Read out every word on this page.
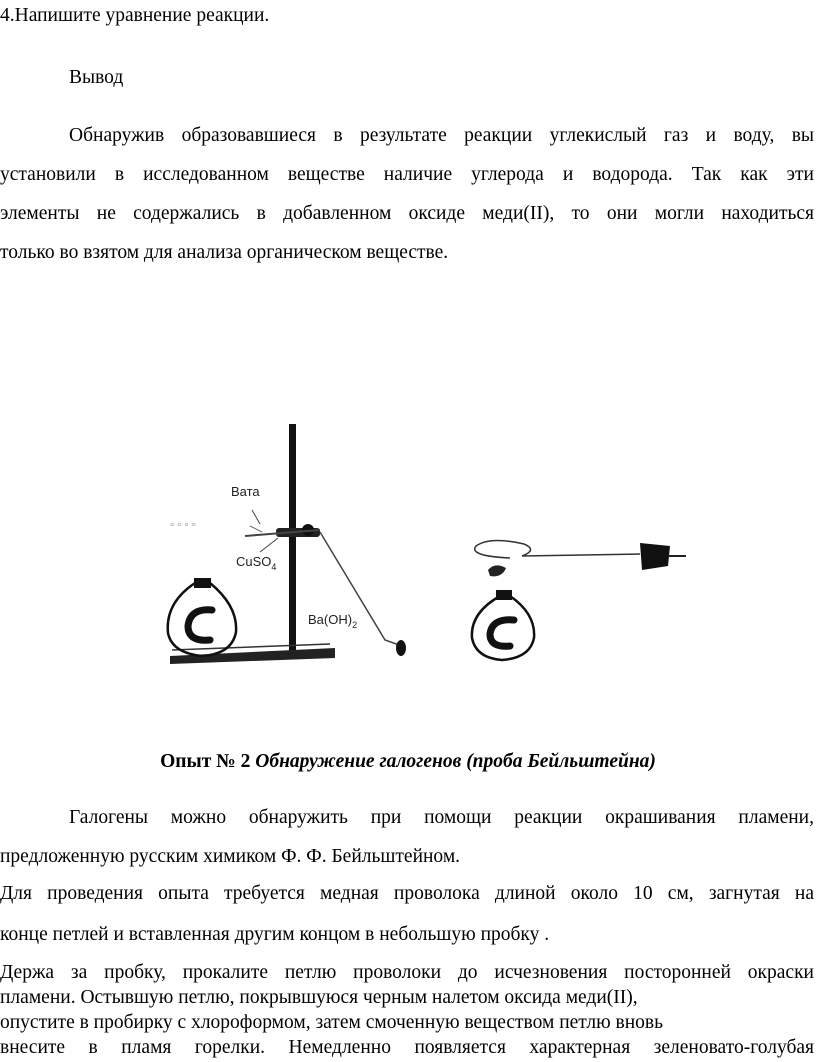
4.Напишите уравнение реакции.

Вывод

Обнаружив образовавшиеся в результате реакции углекислый газ и воду, вы

установили в исследованном веществе наличие углерода и водорода. Так как эти

элементы не содержались в добавленном оксиде меди(II), то они могли находиться

только во взятом для анализа органическом веществе.

° ° ° °
Вата
CuSO$_4$
$Ba(OH)_2$

Опыт № 2 Обнаружение галогенов (проба Бейльштейна)

Галогены можно обнаружить при помощи реакции окрашивания пламени,

предложенную русским химиком Ф. Ф. Бейльштейном.

Для проведения опыта требуется медная проволока длиной около 10 см, загнутая на

конце петлей и вставленная другим концом в небольшую пробку .

Держа за пробку, прокалите петлю проволоки до исчезновения посторонней окраски

пламени. Остывшую петлю, покрывшуюся черным налетом оксида меди(II),

опустите в пробирку с хлороформом, затем смоченную веществом петлю вновь

внесите в пламя горелки. Немедленно появляется характерная зеленовато-голубая
